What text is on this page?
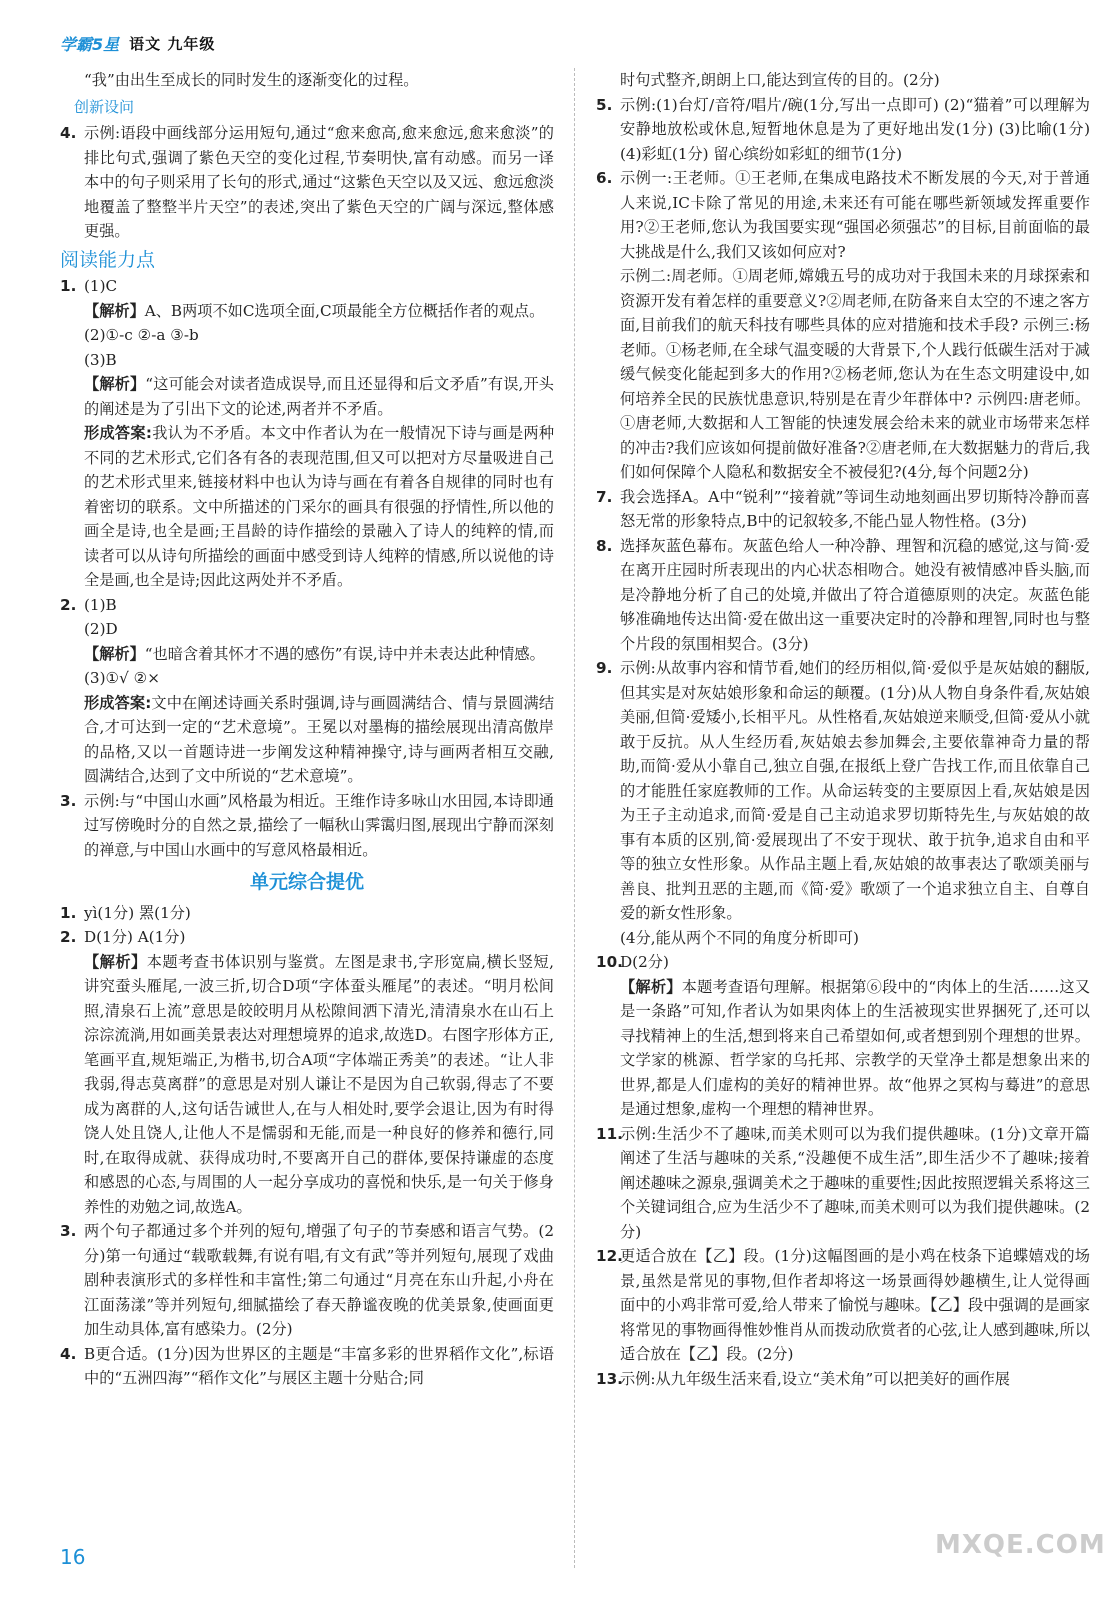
学霸5星 语文 九年级

“我”由出生至成长的同时发生的逐渐变化的过程。

创新设问
4. 示例:语段中画线部分运用短句,通过“愈来愈高,愈来愈远,愈来愈淡”的排比句式,强调了紫色天空的变化过程,节奏明快,富有动感。而另一译本中的句子则采用了长句的形式,通过“这紫色天空以及又远、愈远愈淡地覆盖了整整半片天空”的表述,突出了紫色天空的广阔与深远,整体感更强。
阅读能力点
1. (1)C

【解析】A、B两项不如C选项全面,C项最能全方位概括作者的观点。

(2)①-c ②-a ③-b

(3)B

【解析】“这可能会对读者造成误导,而且还显得和后文矛盾”有误,开头的阐述是为了引出下文的论述,两者并不矛盾。

形成答案:我认为不矛盾。本文中作者认为在一般情况下诗与画是两种不同的艺术形式,它们各有各的表现范围,但又可以把对方尽量吸进自己的艺术形式里来,链接材料中也认为诗与画在有着各自规律的同时也有着密切的联系。文中所描述的门采尔的画具有很强的抒情性,所以他的画全是诗,也全是画;王昌龄的诗作描绘的景融入了诗人的纯粹的情,而读者可以从诗句所描绘的画面中感受到诗人纯粹的情感,所以说他的诗全是画,也全是诗;因此这两处并不矛盾。

2. (1)B

(2)D

【解析】“也暗含着其怀才不遇的感伤”有误,诗中并未表达此种情感。

(3)①√ ②×

形成答案:文中在阐述诗画关系时强调,诗与画圆满结合、情与景圆满结合,才可达到一定的“艺术意境”。王冕以对墨梅的描绘展现出清高傲岸的品格,又以一首题诗进一步阐发这种精神操守,诗与画两者相互交融,圆满结合,达到了文中所说的“艺术意境”。

3. 示例:与“中国山水画”风格最为相近。王维作诗多咏山水田园,本诗即通过写傍晚时分的自然之景,描绘了一幅秋山霁霭归图,展现出宁静而深刻的禅意,与中国山水画中的写意风格最相近。
单元综合提优
1. yì(1分) 罴(1分)
2. D(1分) A(1分)

【解析】本题考查书体识别与鉴赏。左图是隶书,字形宽扁,横长竖短,讲究蚕头雁尾,一波三折,切合D项“字体蚕头雁尾”的表述。“明月松间照,清泉石上流”意思是皎皎明月从松隙间洒下清光,清清泉水在山石上淙淙流淌,用如画美景表达对理想境界的追求,故选D。右图字形体方正,笔画平直,规矩端正,为楷书,切合A项“字体端正秀美”的表述。“让人非我弱,得志莫离群”的意思是对别人谦让不是因为自己软弱,得志了不要成为离群的人,这句话告诫世人,在与人相处时,要学会退让,因为有时得饶人处且饶人,让他人不是懦弱和无能,而是一种良好的修养和德行,同时,在取得成就、获得成功时,不要离开自己的群体,要保持谦虚的态度和感恩的心态,与周围的人一起分享成功的喜悦和快乐,是一句关于修身养性的劝勉之词,故选A。

3. 两个句子都通过多个并列的短句,增强了句子的节奏感和语言气势。(2分)第一句通过“载歌载舞,有说有唱,有文有武”等并列短句,展现了戏曲剧种表演形式的多样性和丰富性;第二句通过“月亮在东山升起,小舟在江面荡漾”等并列短句,细腻描绘了春天静谧夜晚的优美景象,使画面更加生动具体,富有感染力。(2分)
4. B更合适。(1分)因为世界区的主题是“丰富多彩的世界稻作文化”,标语中的“五洲四海”“稻作文化”与展区主题十分贴合;同

时句式整齐,朗朗上口,能达到宣传的目的。(2分)

5. 示例:(1)台灯/音符/唱片/碗(1分,写出一点即可) (2)“猫着”可以理解为安静地放松或休息,短暂地休息是为了更好地出发(1分) (3)比喻(1分) (4)彩虹(1分) 留心缤纷如彩虹的细节(1分)
6. 示例一:王老师。①王老师,在集成电路技术不断发展的今天,对于普通人来说,IC卡除了常见的用途,未来还有可能在哪些新领域发挥重要作用?②王老师,您认为我国要实现“强国必须强芯”的目标,目前面临的最大挑战是什么,我们又该如何应对?

示例二:周老师。①周老师,嫦娥五号的成功对于我国未来的月球探索和资源开发有着怎样的重要意义?②周老师,在防备来自太空的不速之客方面,目前我们的航天科技有哪些具体的应对措施和技术手段? 示例三:杨老师。①杨老师,在全球气温变暖的大背景下,个人践行低碳生活对于减缓气候变化能起到多大的作用?②杨老师,您认为在生态文明建设中,如何培养全民的民族忧患意识,特别是在青少年群体中? 示例四:唐老师。①唐老师,大数据和人工智能的快速发展会给未来的就业市场带来怎样的冲击?我们应该如何提前做好准备?②唐老师,在大数据魅力的背后,我们如何保障个人隐私和数据安全不被侵犯?(4分,每个问题2分)

7. 我会选择A。A中“锐利”“接着就”等词生动地刻画出罗切斯特冷静而喜怒无常的形象特点,B中的记叙较多,不能凸显人物性格。(3分)
8. 选择灰蓝色幕布。灰蓝色给人一种冷静、理智和沉稳的感觉,这与简·爱在离开庄园时所表现出的内心状态相吻合。她没有被情感冲昏头脑,而是冷静地分析了自己的处境,并做出了符合道德原则的决定。灰蓝色能够准确地传达出简·爱在做出这一重要决定时的冷静和理智,同时也与整个片段的氛围相契合。(3分)
9. 示例:从故事内容和情节看,她们的经历相似,简·爱似乎是灰姑娘的翻版,但其实是对灰姑娘形象和命运的颠覆。(1分)从人物自身条件看,灰姑娘美丽,但简·爱矮小,长相平凡。从性格看,灰姑娘逆来顺受,但简·爱从小就敢于反抗。从人生经历看,灰姑娘去参加舞会,主要依靠神奇力量的帮助,而简·爱从小靠自己,独立自强,在报纸上登广告找工作,而且依靠自己的才能胜任家庭教师的工作。从命运转变的主要原因上看,灰姑娘是因为王子主动追求,而简·爱是自己主动追求罗切斯特先生,与灰姑娘的故事有本质的区别,简·爱展现出了不安于现状、敢于抗争,追求自由和平等的独立女性形象。从作品主题上看,灰姑娘的故事表达了歌颂美丽与善良、批判丑恶的主题,而《简·爱》歌颂了一个追求独立自主、自尊自爱的新女性形象。

(4分,能从两个不同的角度分析即可)

10.

D(2分)

【解析】本题考查语句理解。根据第⑥段中的“肉体上的生活……这又是一条路”可知,作者认为如果肉体上的生活被现实世界捆死了,还可以寻找精神上的生活,想到将来自己希望如何,或者想到别个理想的世界。文学家的桃源、哲学家的乌托邦、宗教学的天堂净土都是想象出来的世界,都是人们虚构的美好的精神世界。故“他界之冥构与蓦进”的意思是通过想象,虚构一个理想的精神世界。

11.
示例:生活少不了趣味,而美术则可以为我们提供趣味。(1分)文章开篇阐述了生活与趣味的关系,“没趣便不成生活”,即生活少不了趣味;接着阐述趣味之源泉,强调美术之于趣味的重要性;因此按照逻辑关系将这三个关键词组合,应为生活少不了趣味,而美术则可以为我们提供趣味。(2分)
12.
更适合放在【乙】段。(1分)这幅图画的是小鸡在枝条下追蝶嬉戏的场景,虽然是常见的事物,但作者却将这一场景画得妙趣横生,让人觉得画面中的小鸡非常可爱,给人带来了愉悦与趣味。【乙】段中强调的是画家将常见的事物画得惟妙惟肖从而拨动欣赏者的心弦,让人感到趣味,所以适合放在【乙】段。(2分)
13.
示例:从九年级生活来看,设立“美术角”可以把美好的画作展
16	MXQE.COM
